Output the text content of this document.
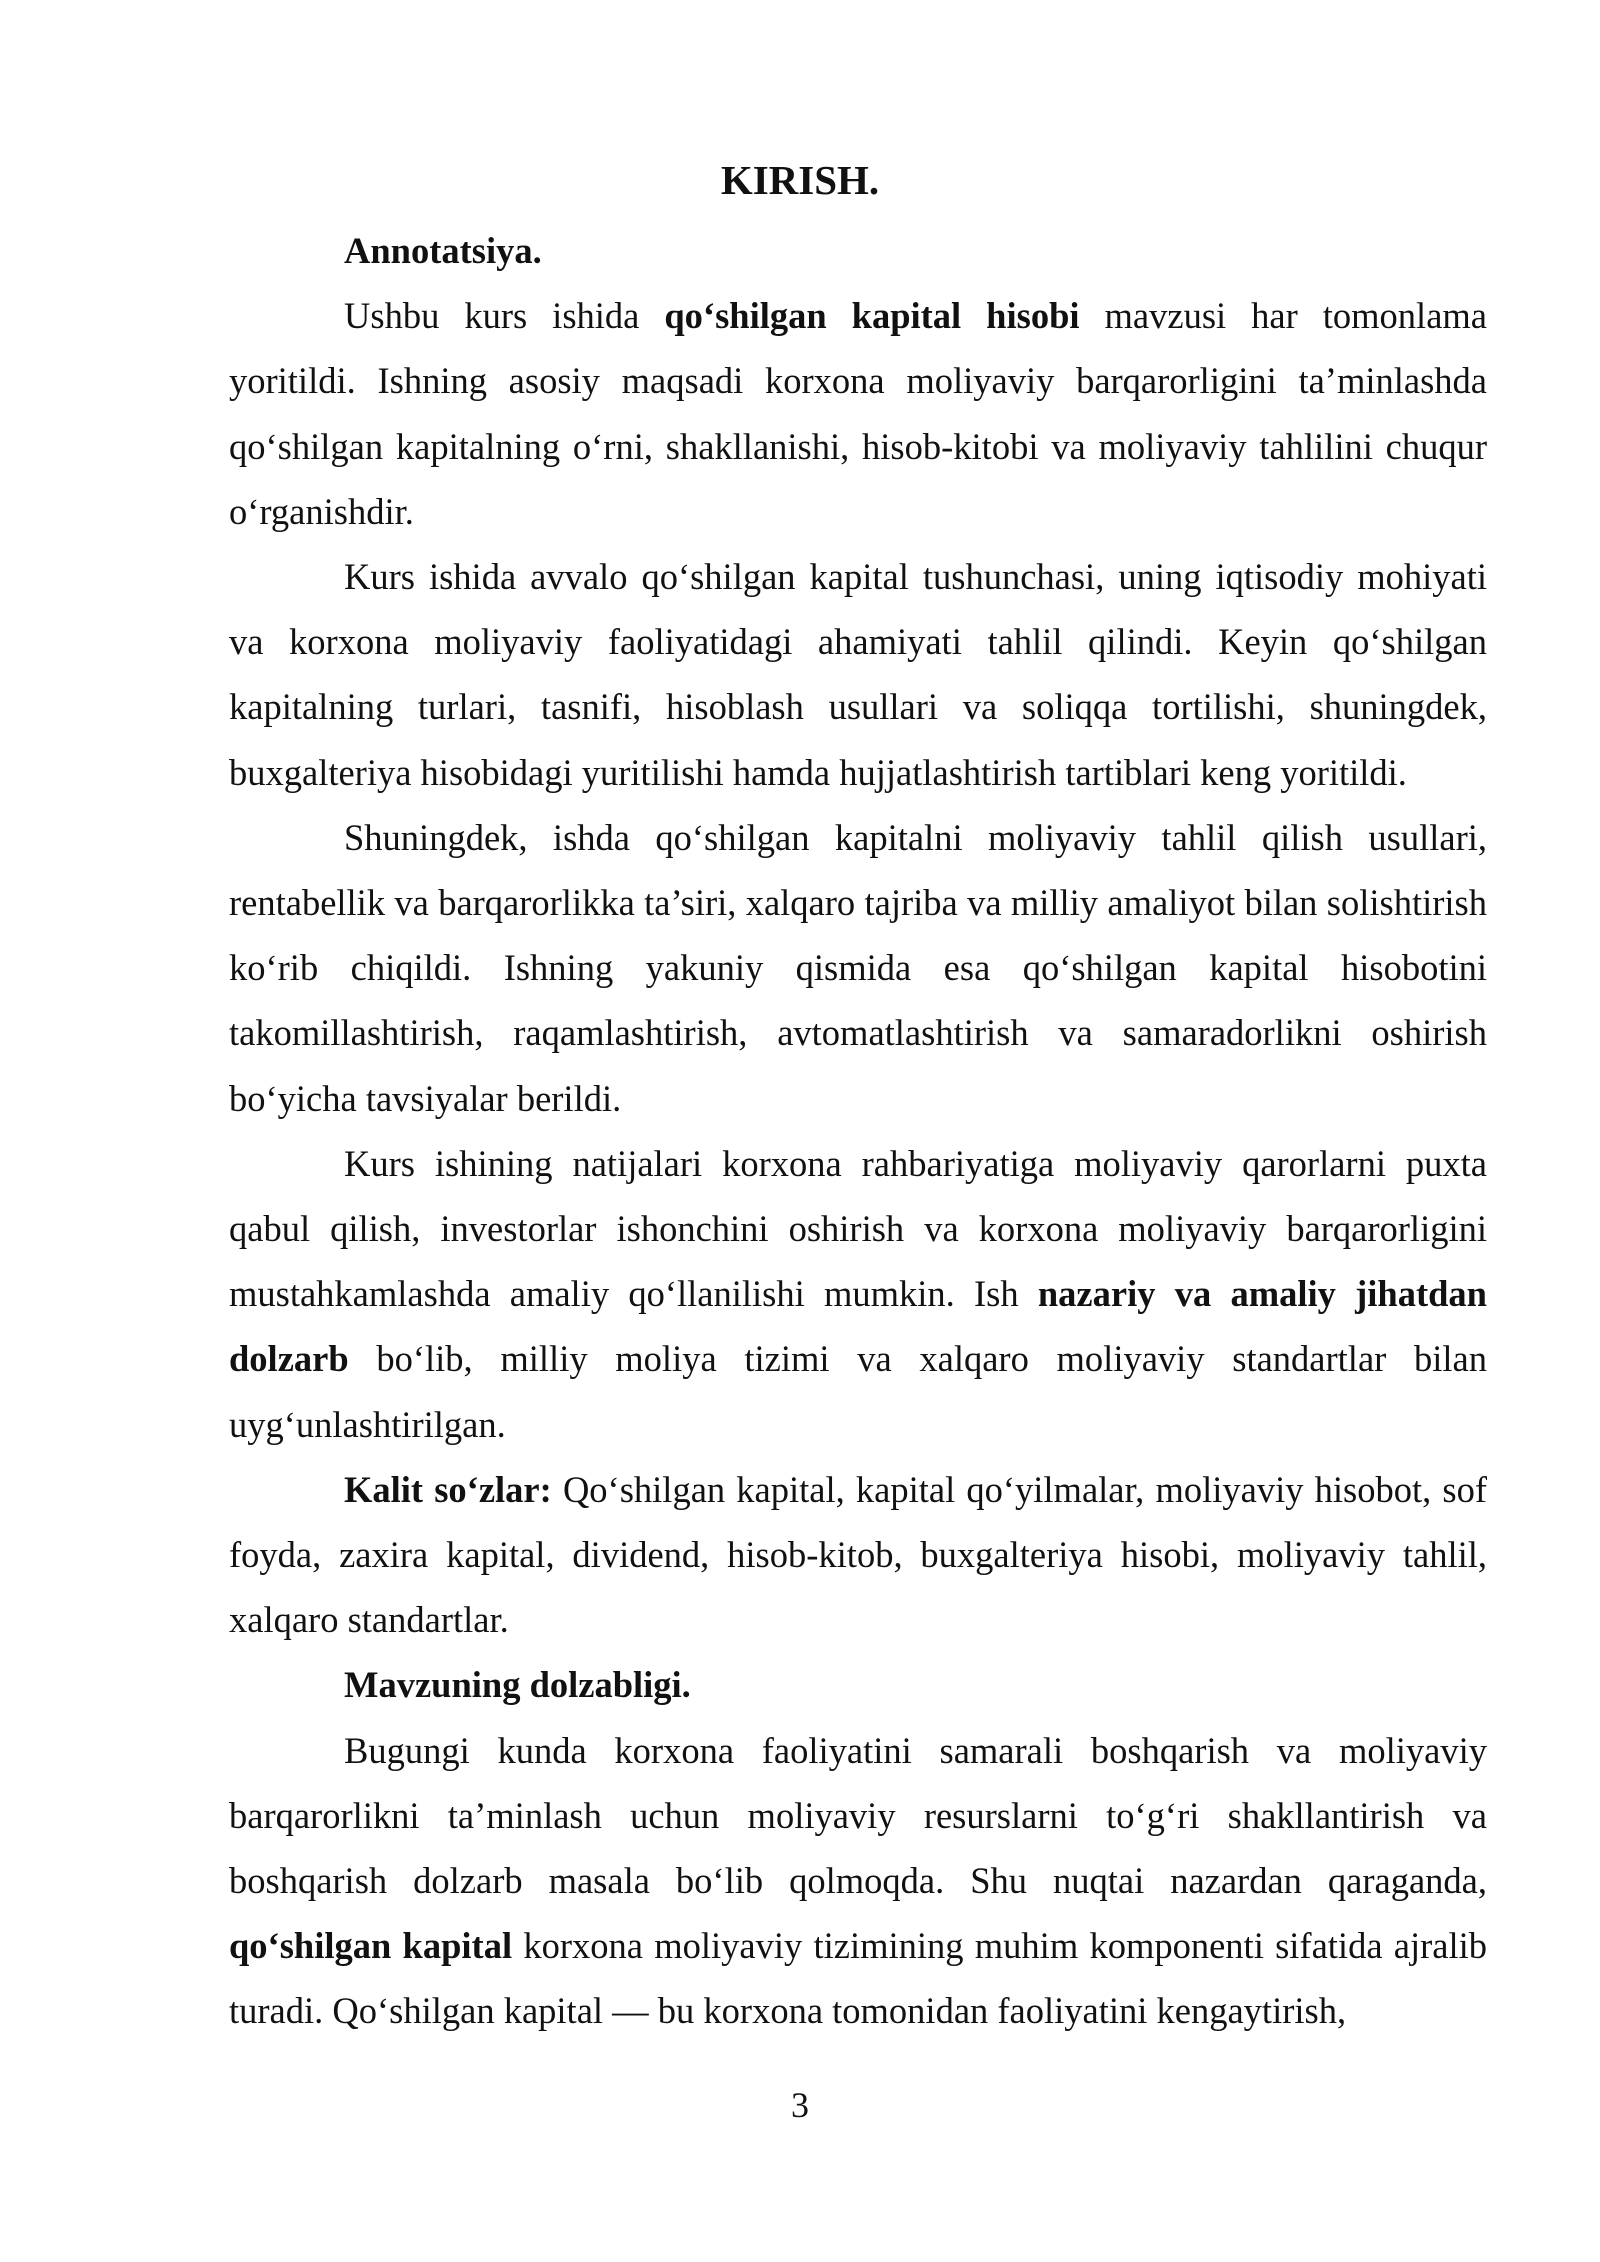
KIRISH.

Annotatsiya.

Ushbu kurs ishida qo‘shilgan kapital hisobi mavzusi har tomonlama yoritildi. Ishning asosiy maqsadi korxona moliyaviy barqarorligini ta’minlashda qo‘shilgan kapitalning o‘rni, shakllanishi, hisob-kitobi va moliyaviy tahlilini chuqur o‘rganishdir.

Kurs ishida avvalo qo‘shilgan kapital tushunchasi, uning iqtisodiy mohiyati va korxona moliyaviy faoliyatidagi ahamiyati tahlil qilindi. Keyin qo‘shilgan kapitalning turlari, tasnifi, hisoblash usullari va soliqqa tortilishi, shuningdek, buxgalteriya hisobidagi yuritilishi hamda hujjatlashtirish tartiblari keng yoritildi.

Shuningdek, ishda qo‘shilgan kapitalni moliyaviy tahlil qilish usullari, rentabellik va barqarorlikka ta’siri, xalqaro tajriba va milliy amaliyot bilan solishtirish ko‘rib chiqildi. Ishning yakuniy qismida esa qo‘shilgan kapital hisobotini takomillashtirish, raqamlashtirish, avtomatlashtirish va samaradorlikni oshirish bo‘yicha tavsiyalar berildi.

Kurs ishining natijalari korxona rahbariyatiga moliyaviy qarorlarni puxta qabul qilish, investorlar ishonchini oshirish va korxona moliyaviy barqarorligini mustahkamlashda amaliy qo‘llanilishi mumkin. Ish nazariy va amaliy jihatdan dolzarb bo‘lib, milliy moliya tizimi va xalqaro moliyaviy standartlar bilan uyg‘unlashtirilgan.

Kalit so‘zlar: Qo‘shilgan kapital, kapital qo‘yilmalar, moliyaviy hisobot, sof foyda, zaxira kapital, dividend, hisob-kitob, buxgalteriya hisobi, moliyaviy tahlil, xalqaro standartlar.

Mavzuning dolzabligi.

Bugungi kunda korxona faoliyatini samarali boshqarish va moliyaviy barqarorlikni ta’minlash uchun moliyaviy resurslarni to‘g‘ri shakllantirish va boshqarish dolzarb masala bo‘lib qolmoqda. Shu nuqtai nazardan qaraganda, qo‘shilgan kapital korxona moliyaviy tizimining muhim komponenti sifatida ajralib turadi. Qo‘shilgan kapital — bu korxona tomonidan faoliyatini kengaytirish,

3
